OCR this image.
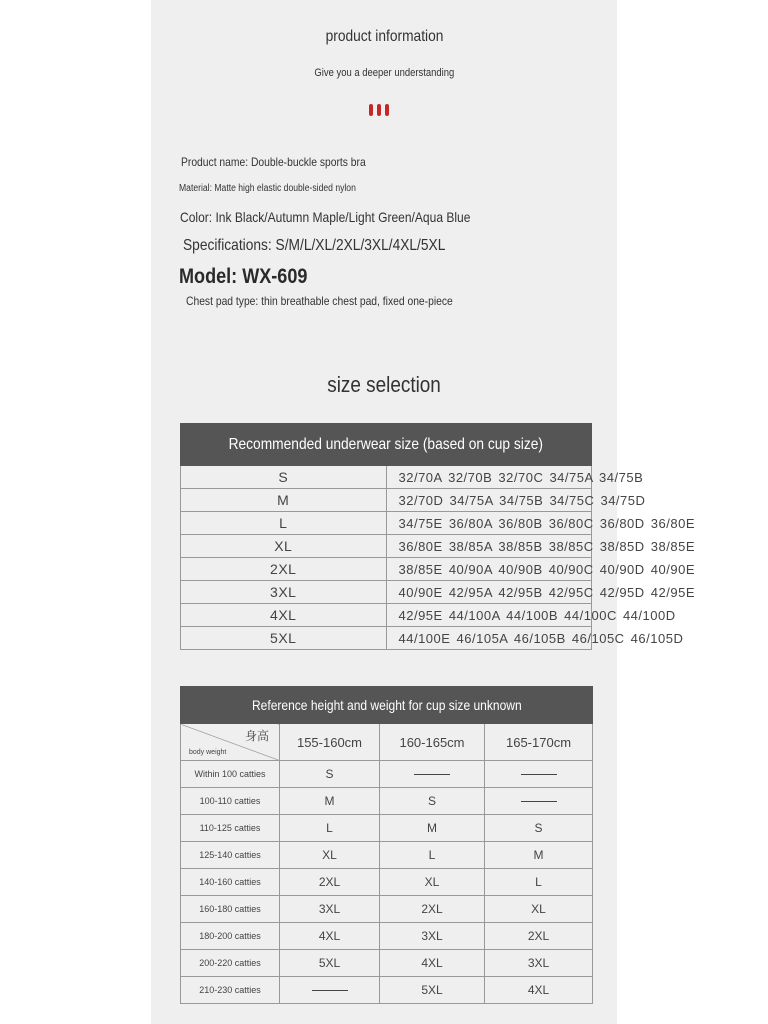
product information
Give you a deeper understanding
Product name: Double-buckle sports bra
Material: Matte high elastic double-sided nylon
Color: Ink Black/Autumn Maple/Light Green/Aqua Blue
Specifications: S/M/L/XL/2XL/3XL/4XL/5XL
Model: WX-609
Chest pad type: thin breathable chest pad, fixed one-piece
size selection
Recommended underwear size (based on cup size)	
S	32/70A 32/70B 32/70C 34/75A 34/75B
M	32/70D 34/75A 34/75B 34/75C 34/75D
L	34/75E 36/80A 36/80B 36/80C 36/80D 36/80E
XL	36/80E 38/85A 38/85B 38/85C 38/85D 38/85E
2XL	38/85E 40/90A 40/90B 40/90C 40/90D 40/90E
3XL	40/90E 42/95A 42/95B 42/95C 42/95D 42/95E
4XL	42/95E 44/100A 44/100B 44/100C 44/100D
5XL	44/100E 46/105A 46/105B 46/105C 46/105D
Reference height and weight for cup size unknown			

身高
body weight	155-160cm	160-165cm	165-170cm
Within 100 catties	S		
100-110 catties	M	S	
110-125 catties	L	M	S
125-140 catties	XL	L	M
140-160 catties	2XL	XL	L
160-180 catties	3XL	2XL	XL
180-200 catties	4XL	3XL	2XL
200-220 catties	5XL	4XL	3XL
210-230 catties		5XL	4XL
